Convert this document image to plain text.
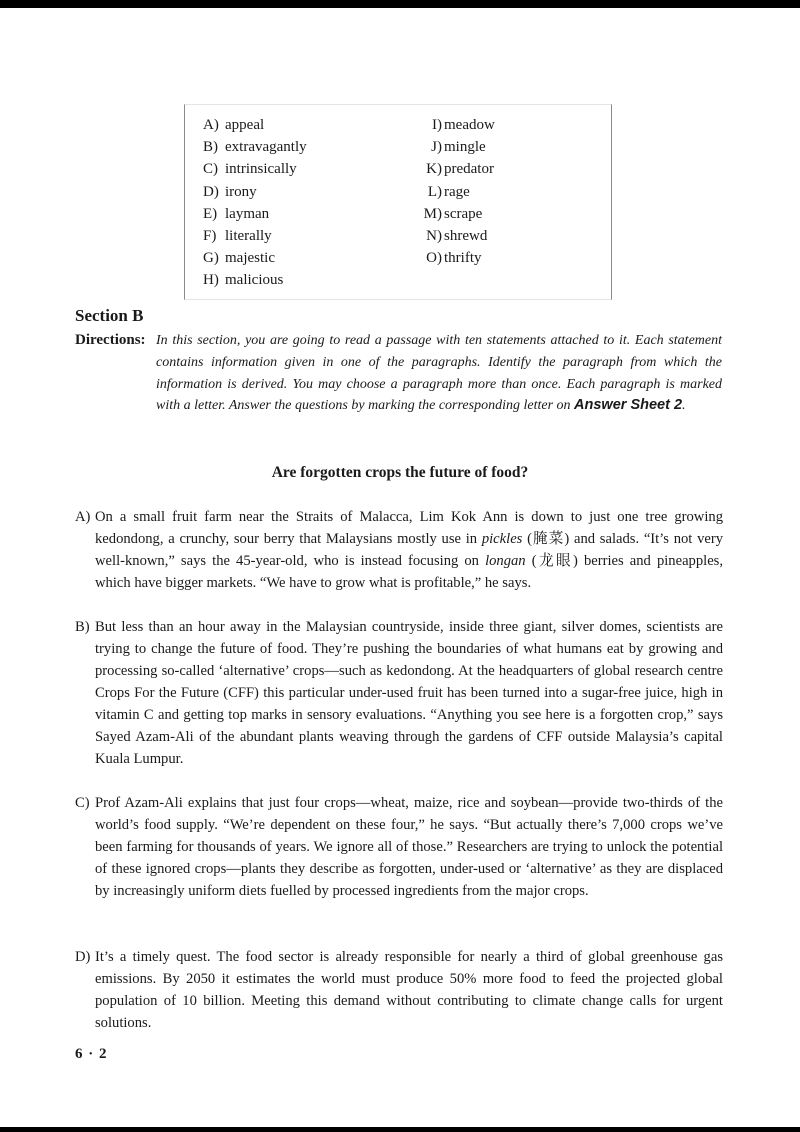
A) appeal
B) extravagantly
C) intrinsically
D) irony
E) layman
F) literally
G) majestic
H) malicious
I) meadow
J) mingle
K) predator
L) rage
M) scrape
N) shrewd
O) thrifty
Section B
Directions: In this section, you are going to read a passage with ten statements attached to it. Each statement contains information given in one of the paragraphs. Identify the paragraph from which the information is derived. You may choose a paragraph more than once. Each paragraph is marked with a letter. Answer the questions by marking the corresponding letter on Answer Sheet 2.
Are forgotten crops the future of food?
A) On a small fruit farm near the Straits of Malacca, Lim Kok Ann is down to just one tree growing kedondong, a crunchy, sour berry that Malaysians mostly use in pickles (腌菜) and salads. “It’s not very well-known,” says the 45-year-old, who is instead focusing on longan (龙眼) berries and pineapples, which have bigger markets. “We have to grow what is profitable,” he says.
B) But less than an hour away in the Malaysian countryside, inside three giant, silver domes, scientists are trying to change the future of food. They’re pushing the boundaries of what humans eat by growing and processing so-called ‘alternative’ crops—such as kedondong. At the headquarters of global research centre Crops For the Future (CFF) this particular under-used fruit has been turned into a sugar-free juice, high in vitamin C and getting top marks in sensory evaluations. “Anything you see here is a forgotten crop,” says Sayed Azam-Ali of the abundant plants weaving through the gardens of CFF outside Malaysia’s capital Kuala Lumpur.
C) Prof Azam-Ali explains that just four crops—wheat, maize, rice and soybean—provide two-thirds of the world’s food supply. “We’re dependent on these four,” he says. “But actually there’s 7,000 crops we’ve been farming for thousands of years. We ignore all of those.” Researchers are trying to unlock the potential of these ignored crops—plants they describe as forgotten, under-used or ‘alternative’ as they are displaced by increasingly uniform diets fuelled by processed ingredients from the major crops.
D) It’s a timely quest. The food sector is already responsible for nearly a third of global greenhouse gas emissions. By 2050 it estimates the world must produce 50% more food to feed the projected global population of 10 billion. Meeting this demand without contributing to climate change calls for urgent solutions.
6 · 2
